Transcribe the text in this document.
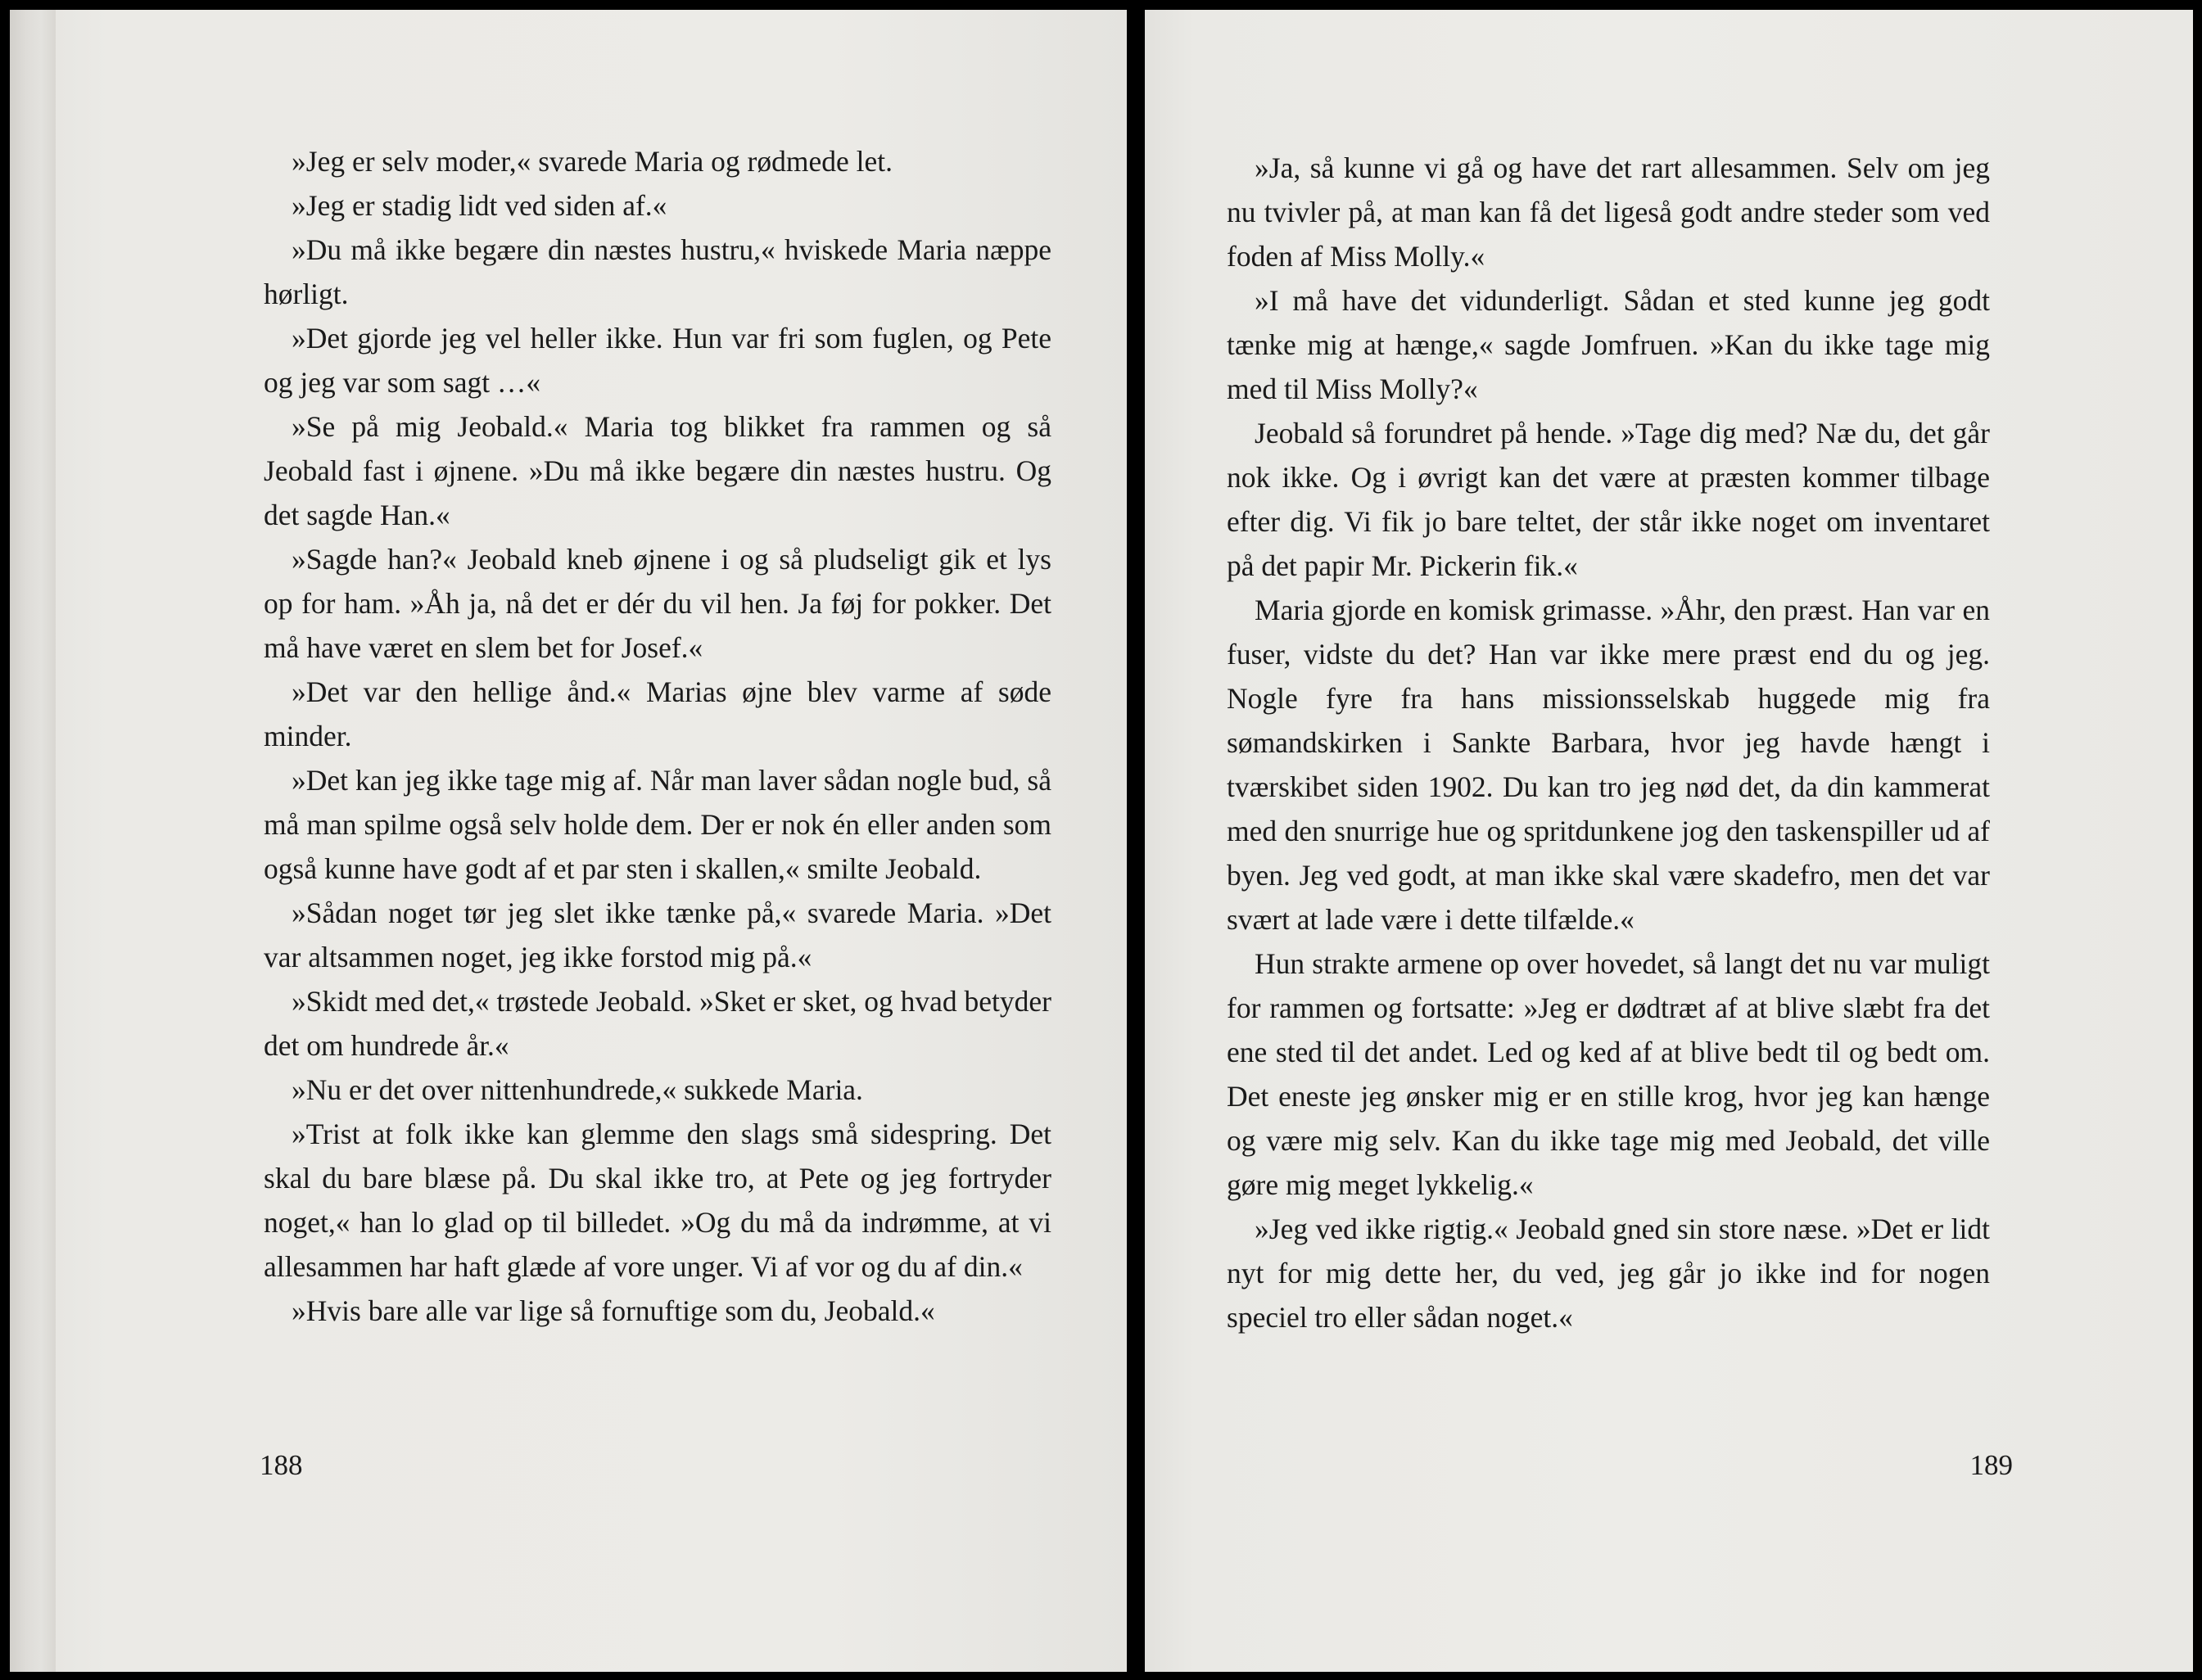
»Jeg er selv moder,« svarede Maria og rødmede let.

»Jeg er stadig lidt ved siden af.«

»Du må ikke begære din næstes hustru,« hviskede Maria næppe hørligt.

»Det gjorde jeg vel heller ikke. Hun var fri som fuglen, og Pete og jeg var som sagt …«

»Se på mig Jeobald.« Maria tog blikket fra rammen og så Jeobald fast i øjnene. »Du må ikke begære din næstes hustru. Og det sagde Han.«

»Sagde han?« Jeobald kneb øjnene i og så pludseligt gik et lys op for ham. »Åh ja, nå det er dér du vil hen. Ja føj for pokker. Det må have været en slem bet for Josef.«

»Det var den hellige ånd.« Marias øjne blev varme af søde minder.

»Det kan jeg ikke tage mig af. Når man laver sådan nogle bud, så må man spilme også selv holde dem. Der er nok én eller anden som også kunne have godt af et par sten i skallen,« smilte Jeobald.

»Sådan noget tør jeg slet ikke tænke på,« svarede Maria. »Det var altsammen noget, jeg ikke forstod mig på.«

»Skidt med det,« trøstede Jeobald. »Sket er sket, og hvad betyder det om hundrede år.«

»Nu er det over nittenhundrede,« sukkede Maria.

»Trist at folk ikke kan glemme den slags små sidespring. Det skal du bare blæse på. Du skal ikke tro, at Pete og jeg fortryder noget,« han lo glad op til billedet. »Og du må da indrømme, at vi allesammen har haft glæde af vore unger. Vi af vor og du af din.«

»Hvis bare alle var lige så fornuftige som du, Jeobald.«

188

»Ja, så kunne vi gå og have det rart allesammen. Selv om jeg nu tvivler på, at man kan få det ligeså godt andre steder som ved foden af Miss Molly.«

»I må have det vidunderligt. Sådan et sted kunne jeg godt tænke mig at hænge,« sagde Jomfruen. »Kan du ikke tage mig med til Miss Molly?«

Jeobald så forundret på hende. »Tage dig med? Næ du, det går nok ikke. Og i øvrigt kan det være at præsten kommer tilbage efter dig. Vi fik jo bare teltet, der står ikke noget om inventaret på det papir Mr. Pickerin fik.«

Maria gjorde en komisk grimasse. »Åhr, den præst. Han var en fuser, vidste du det? Han var ikke mere præst end du og jeg. Nogle fyre fra hans missionsselskab huggede mig fra sømandskirken i Sankte Barbara, hvor jeg havde hængt i tværskibet siden 1902. Du kan tro jeg nød det, da din kammerat med den snurrige hue og spritdunkene jog den taskenspiller ud af byen. Jeg ved godt, at man ikke skal være skadefro, men det var svært at lade være i dette tilfælde.«

Hun strakte armene op over hovedet, så langt det nu var muligt for rammen og fortsatte: »Jeg er dødtræt af at blive slæbt fra det ene sted til det andet. Led og ked af at blive bedt til og bedt om. Det eneste jeg ønsker mig er en stille krog, hvor jeg kan hænge og være mig selv. Kan du ikke tage mig med Jeobald, det ville gøre mig meget lykkelig.«

»Jeg ved ikke rigtig.« Jeobald gned sin store næse. »Det er lidt nyt for mig dette her, du ved, jeg går jo ikke ind for nogen speciel tro eller sådan noget.«

189
